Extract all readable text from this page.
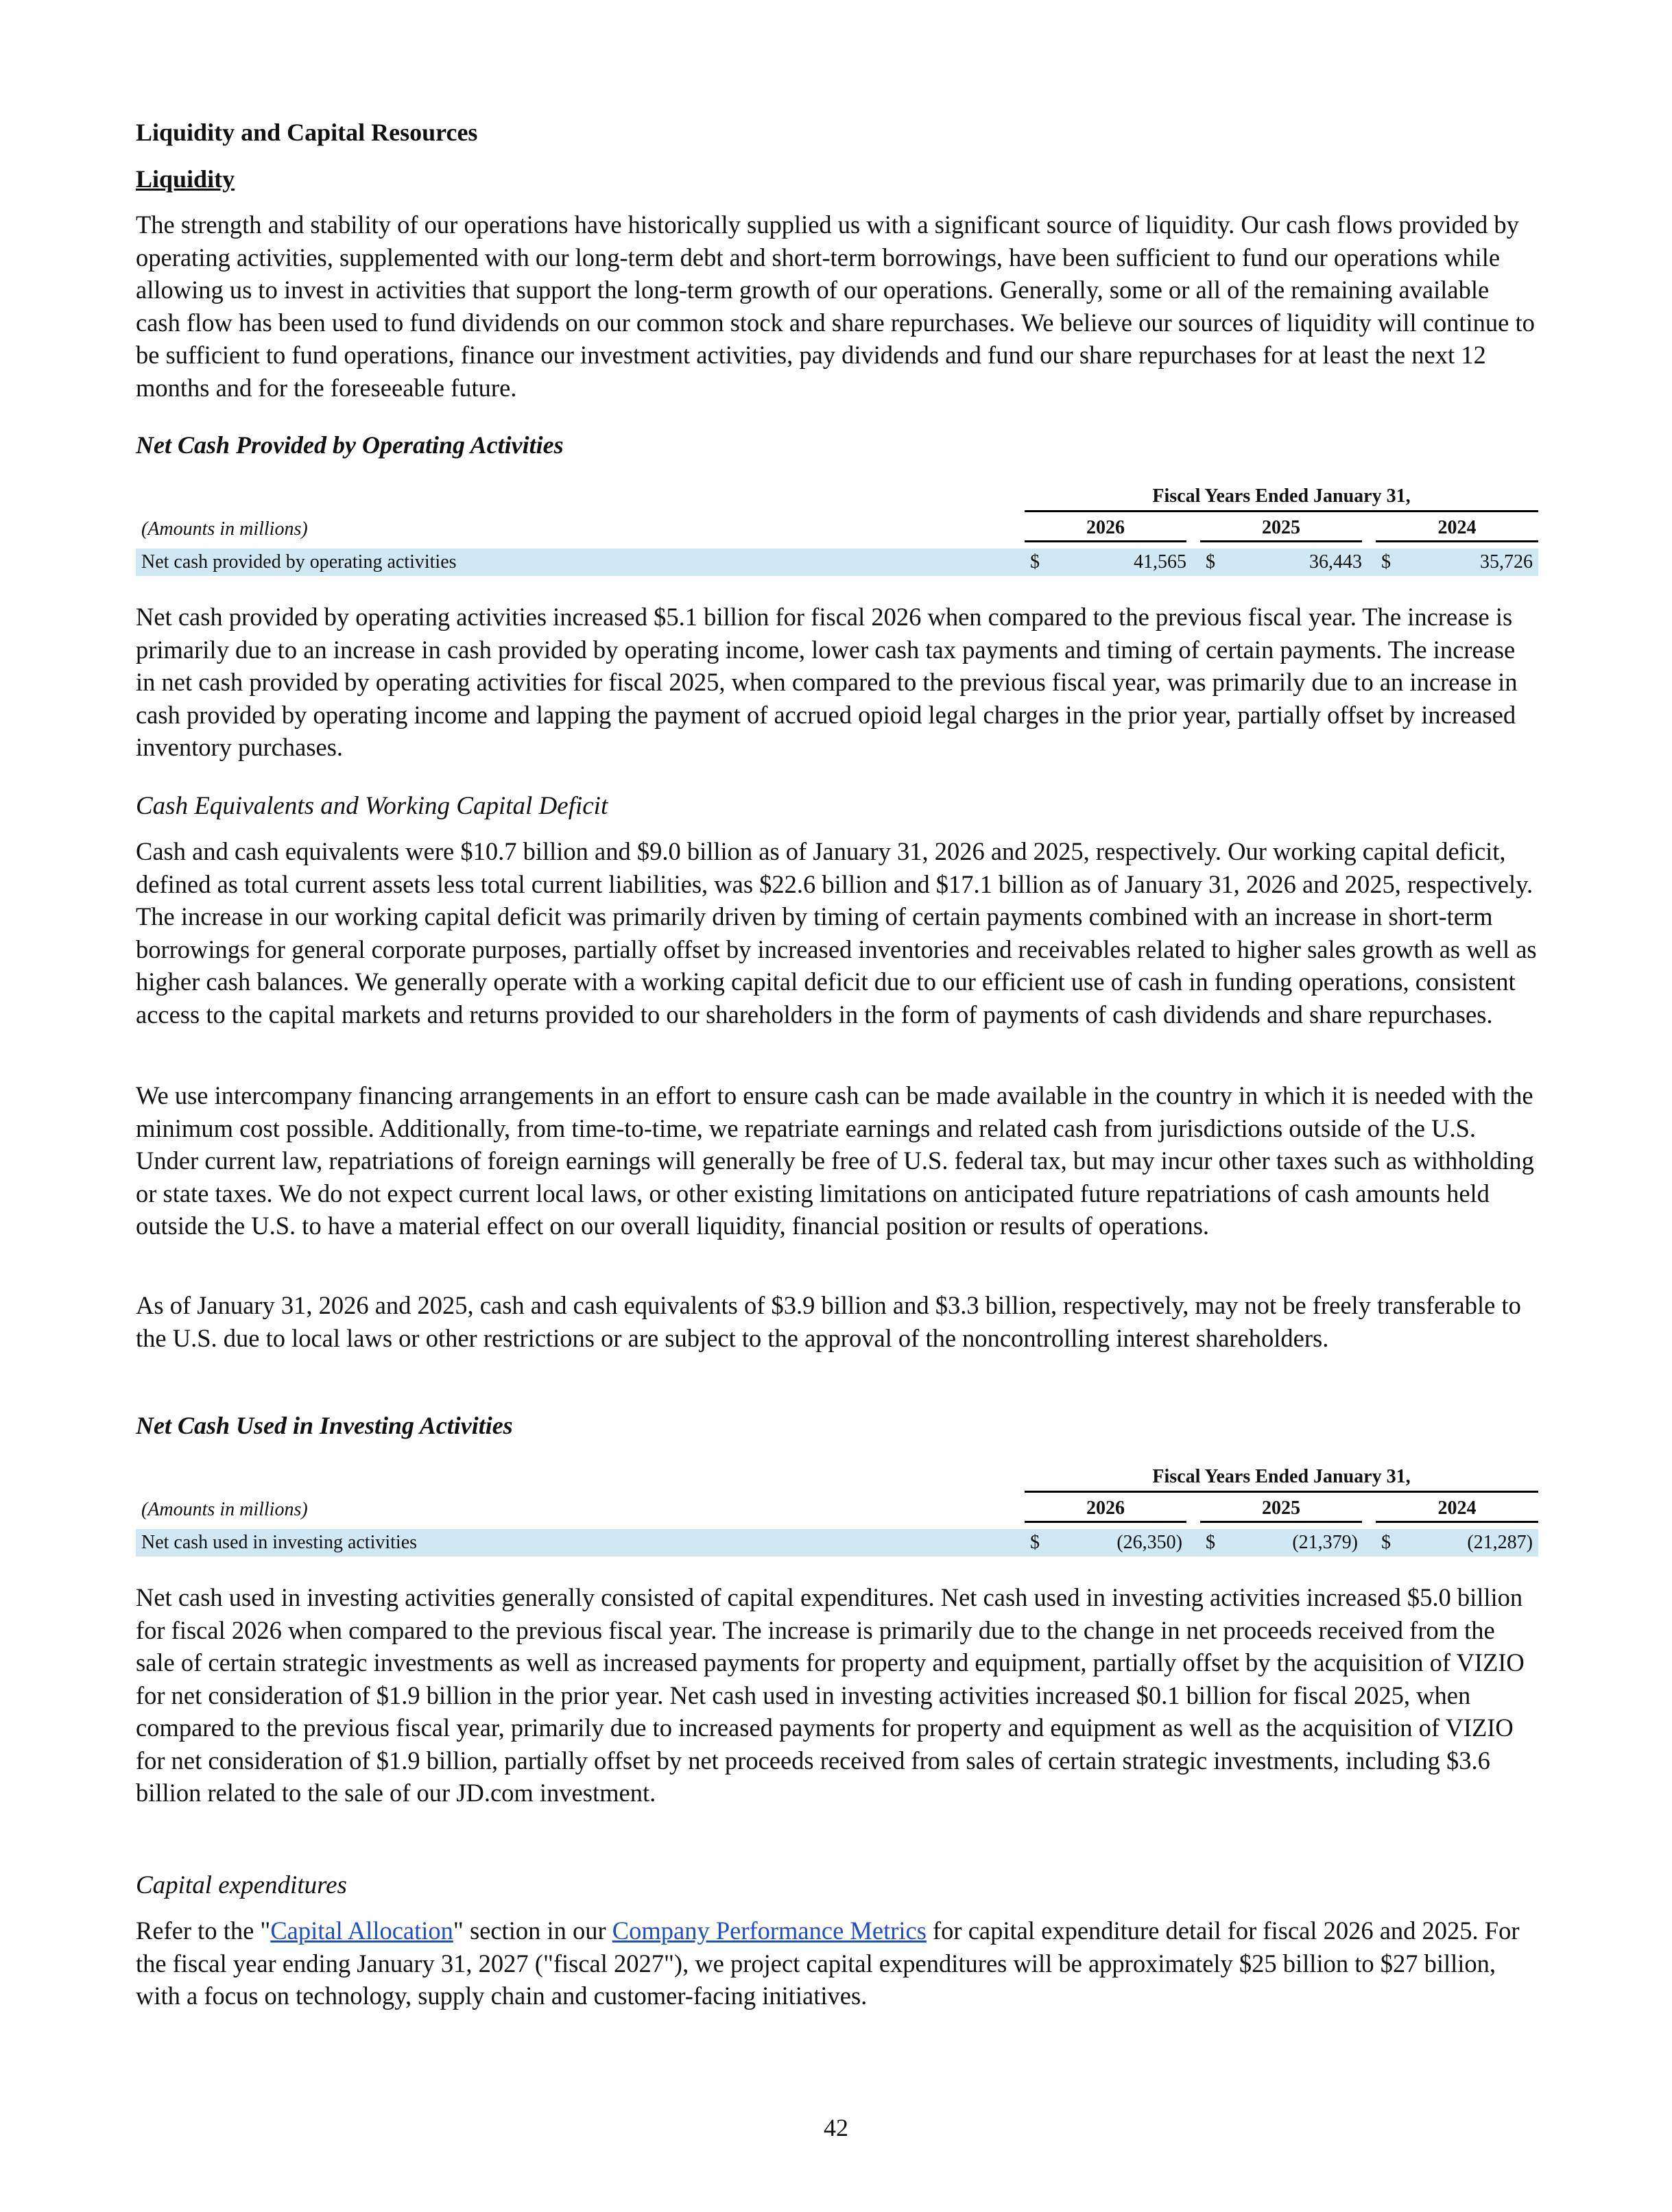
Liquidity and Capital Resources
Liquidity

The strength and stability of our operations have historically supplied us with a significant source of liquidity. Our cash flows provided by operating activities, supplemented with our long-term debt and short-term borrowings, have been sufficient to fund our operations while allowing us to invest in activities that support the long-term growth of our operations. Generally, some or all of the remaining available cash flow has been used to fund dividends on our common stock and share repurchases. We believe our sources of liquidity will continue to be sufficient to fund operations, finance our investment activities, pay dividends and fund our share repurchases for at least the next 12 months and for the foreseeable future.

Net Cash Provided by Operating Activities
Fiscal Years Ended January 31,
(Amounts in millions)	2026	2025	2024
Net cash provided by operating activities	$	41,565 $	36,443 $	35,726

Net cash provided by operating activities increased $5.1 billion for fiscal 2026 when compared to the previous fiscal year. The increase is primarily due to an increase in cash provided by operating income, lower cash tax payments and timing of certain payments. The increase in net cash provided by operating activities for fiscal 2025, when compared to the previous fiscal year, was primarily due to an increase in cash provided by operating income and lapping the payment of accrued opioid legal charges in the prior year, partially offset by increased inventory purchases.

Cash Equivalents and Working Capital Deficit

Cash and cash equivalents were $10.7 billion and $9.0 billion as of January 31, 2026 and 2025, respectively. Our working capital deficit, defined as total current assets less total current liabilities, was $22.6 billion and $17.1 billion as of January 31, 2026 and 2025, respectively. The increase in our working capital deficit was primarily driven by timing of certain payments combined with an increase in short-term borrowings for general corporate purposes, partially offset by increased inventories and receivables related to higher sales growth as well as higher cash balances. We generally operate with a working capital deficit due to our efficient use of cash in funding operations, consistent access to the capital markets and returns provided to our shareholders in the form of payments of cash dividends and share repurchases.

We use intercompany financing arrangements in an effort to ensure cash can be made available in the country in which it is needed with the minimum cost possible. Additionally, from time-to-time, we repatriate earnings and related cash from jurisdictions outside of the U.S. Under current law, repatriations of foreign earnings will generally be free of U.S. federal tax, but may incur other taxes such as withholding or state taxes. We do not expect current local laws, or other existing limitations on anticipated future repatriations of cash amounts held outside the U.S. to have a material effect on our overall liquidity, financial position or results of operations.

As of January 31, 2026 and 2025, cash and cash equivalents of $3.9 billion and $3.3 billion, respectively, may not be freely transferable to the U.S. due to local laws or other restrictions or are subject to the approval of the noncontrolling interest shareholders.

Net Cash Used in Investing Activities
Fiscal Years Ended January 31,
(Amounts in millions)	2026	2025	2024
Net cash used in investing activities	$	(26,350) $	(21,379) $	(21,287)

Net cash used in investing activities generally consisted of capital expenditures. Net cash used in investing activities increased $5.0 billion for fiscal 2026 when compared to the previous fiscal year. The increase is primarily due to the change in net proceeds received from the sale of certain strategic investments as well as increased payments for property and equipment, partially offset by the acquisition of VIZIO for net consideration of $1.9 billion in the prior year. Net cash used in investing activities increased $0.1 billion for fiscal 2025, when compared to the previous fiscal year, primarily due to increased payments for property and equipment as well as the acquisition of VIZIO for net consideration of $1.9 billion, partially offset by net proceeds received from sales of certain strategic investments, including $3.6 billion related to the sale of our JD.com investment.

Capital expenditures

Refer to the "Capital Allocation" section in our Company Performance Metrics for capital expenditure detail for fiscal 2026 and 2025. For the fiscal year ending January 31, 2027 ("fiscal 2027"), we project capital expenditures will be approximately $25 billion to $27 billion, with a focus on technology, supply chain and customer-facing initiatives.

42
